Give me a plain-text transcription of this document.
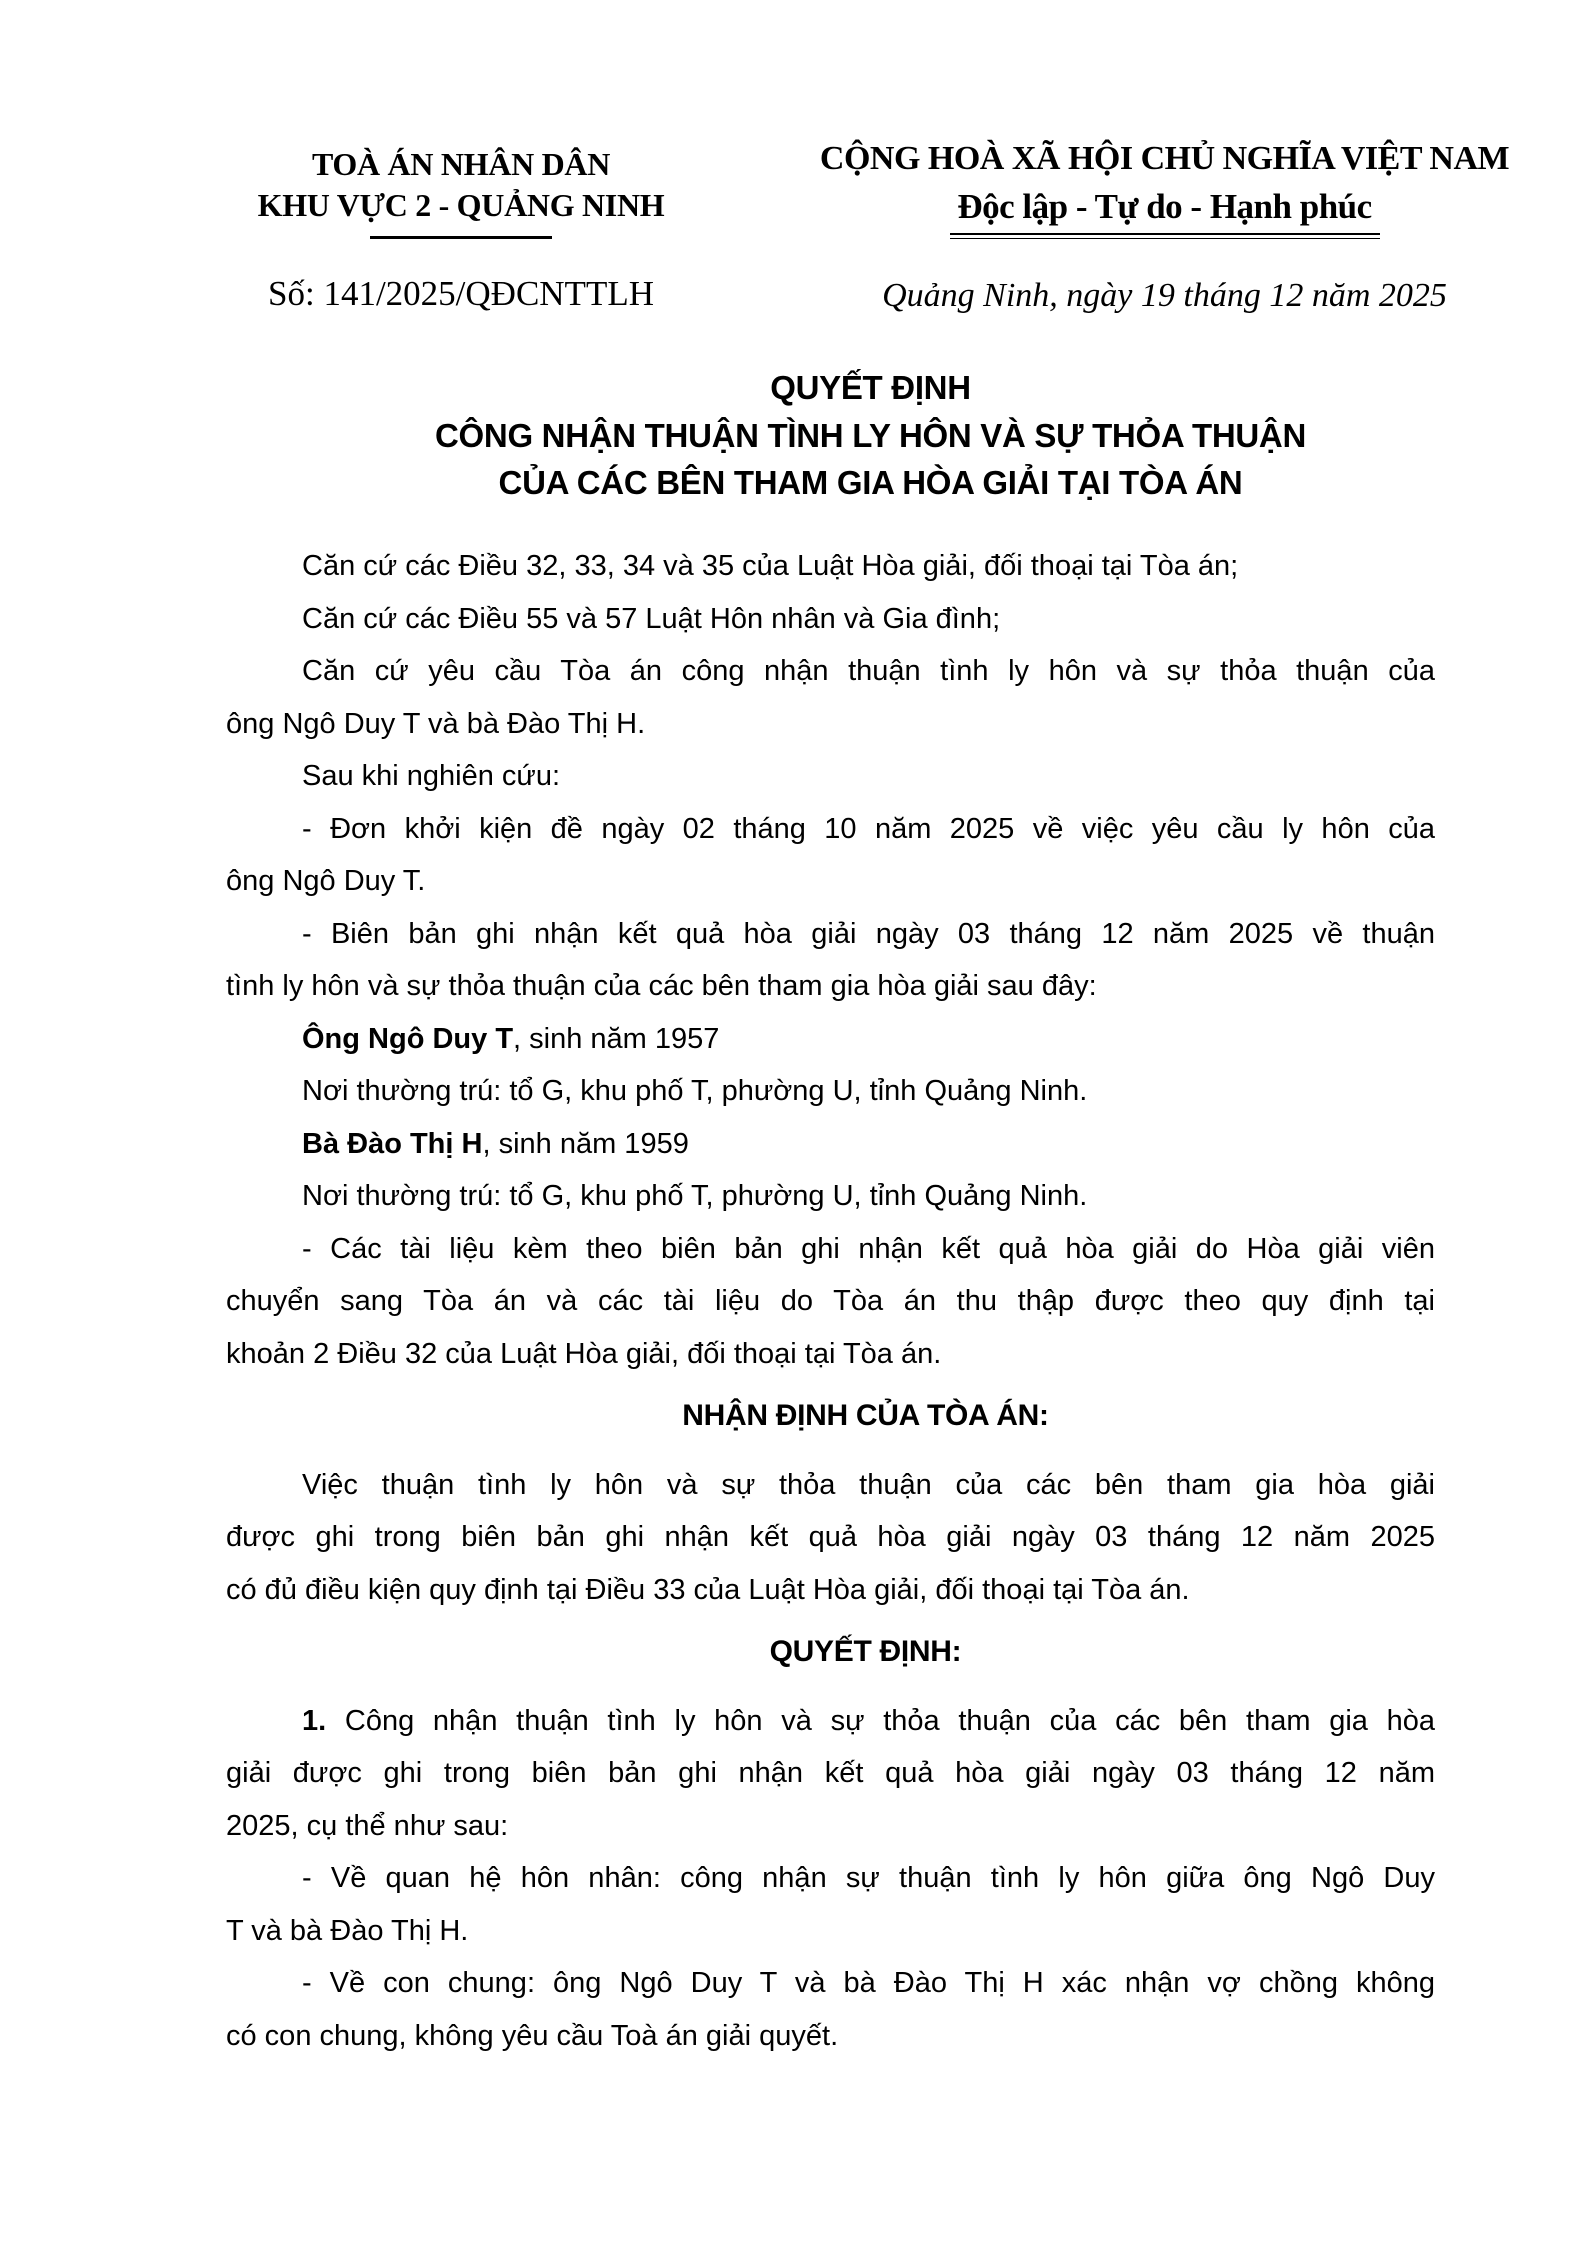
TOÀ ÁN NHÂN DÂN
KHU VỰC 2 - QUẢNG NINH
Số: 141/2025/QĐCNTTLH
CỘNG HOÀ XÃ HỘI CHỦ NGHĨA VIỆT NAM
Độc lập - Tự do - Hạnh phúc
Quảng Ninh, ngày 19 tháng 12 năm 2025
QUYẾT ĐỊNH
CÔNG NHẬN THUẬN TÌNH LY HÔN VÀ SỰ THỎA THUẬN
CỦA CÁC BÊN THAM GIA HÒA GIẢI TẠI TÒA ÁN
Căn cứ các Điều 32, 33, 34 và 35 của Luật Hòa giải, đối thoại tại Tòa án;
Căn cứ các Điều 55 và 57 Luật Hôn nhân và Gia đình;
Căn cứ yêu cầu Tòa án công nhận thuận tình ly hôn và sự thỏa thuận của
ông Ngô Duy T và bà Đào Thị H.
Sau khi nghiên cứu:
- Đơn khởi kiện đề ngày 02 tháng 10 năm 2025 về việc yêu cầu ly hôn của
ông Ngô Duy T.
- Biên bản ghi nhận kết quả hòa giải ngày 03 tháng 12 năm 2025 về thuận
tình ly hôn và sự thỏa thuận của các bên tham gia hòa giải sau đây:
Ông Ngô Duy T, sinh năm 1957
Nơi thường trú: tổ G, khu phố T, phường U, tỉnh Quảng Ninh.
Bà Đào Thị H, sinh năm 1959
Nơi thường trú: tổ G, khu phố T, phường U, tỉnh Quảng Ninh.
- Các tài liệu kèm theo biên bản ghi nhận kết quả hòa giải do Hòa giải viên
chuyển sang Tòa án và các tài liệu do Tòa án thu thập được theo quy định tại
khoản 2 Điều 32 của Luật Hòa giải, đối thoại tại Tòa án.
NHẬN ĐỊNH CỦA TÒA ÁN:
Việc thuận tình ly hôn và sự thỏa thuận của các bên tham gia hòa giải
được ghi trong biên bản ghi nhận kết quả hòa giải ngày 03 tháng 12 năm 2025
có đủ điều kiện quy định tại Điều 33 của Luật Hòa giải, đối thoại tại Tòa án.
QUYẾT ĐỊNH:
1. Công nhận thuận tình ly hôn và sự thỏa thuận của các bên tham gia hòa
giải được ghi trong biên bản ghi nhận kết quả hòa giải ngày 03 tháng 12 năm
2025, cụ thể như sau:
- Về quan hệ hôn nhân: công nhận sự thuận tình ly hôn giữa ông Ngô Duy
T và bà Đào Thị H.
- Về con chung: ông Ngô Duy T và bà Đào Thị H xác nhận vợ chồng không
có con chung, không yêu cầu Toà án giải quyết.
